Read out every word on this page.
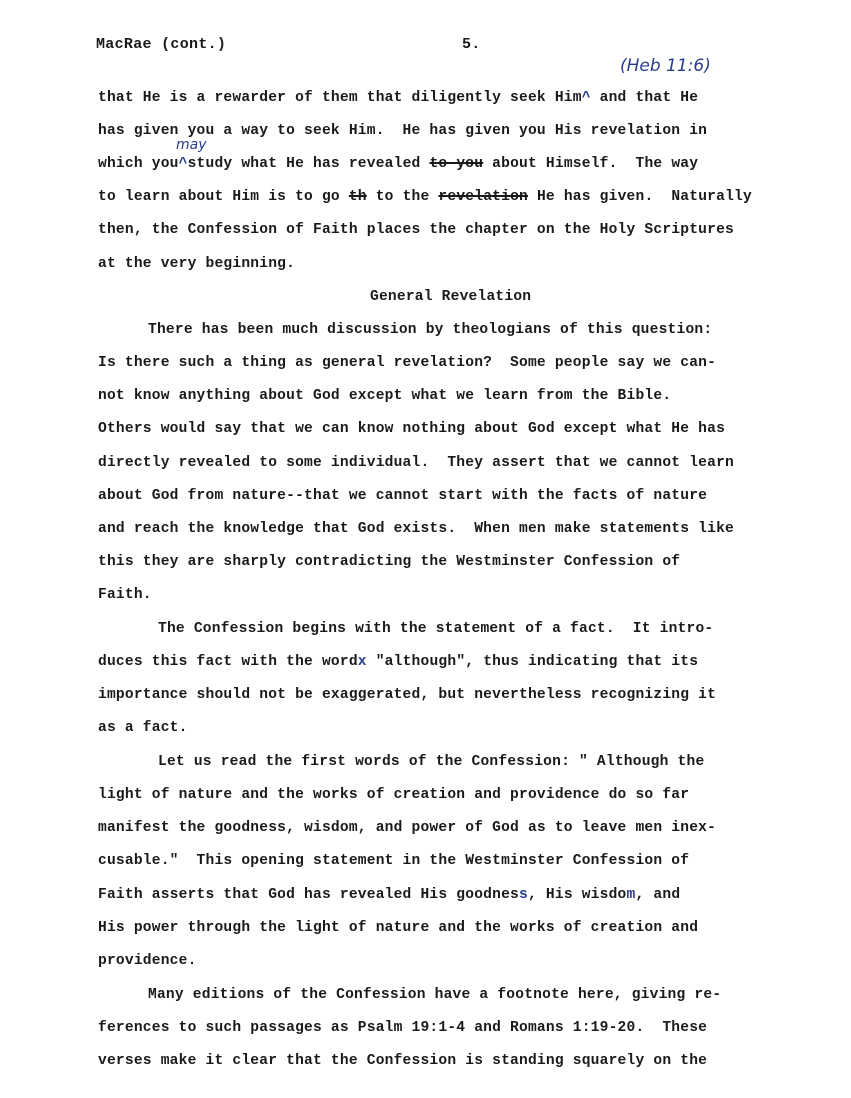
MacRae (cont.)	5.
(Heb 11:6)
that He is a rewarder of them that diligently seek Him^ and that He
has given you a way to seek Him.  He has given you His revelation in
may
which you^study what He has revealed to you about Himself.  The way
to learn about Him is to go th to the revelation He has given.  Naturally
then, the Confession of Faith places the chapter on the Holy Scriptures
at the very beginning.
General Revelation
There has been much discussion by theologians of this question:
Is there such a thing as general revelation?  Some people say we can-
not know anything about God except what we learn from the Bible.
Others would say that we can know nothing about God except what He has
directly revealed to some individual.  They assert that we cannot learn
about God from nature--that we cannot start with the facts of nature
and reach the knowledge that God exists.  When men make statements like
this they are sharply contradicting the Westminster Confession of
Faith.
The Confession begins with the statement of a fact.  It intro-
duces this fact with the wordx "although", thus indicating that its
importance should not be exaggerated, but nevertheless recognizing it
as a fact.
Let us read the first words of the Confession: " Although the
light of nature and the works of creation and providence do so far
manifest the goodness, wisdom, and power of God as to leave men inex-
cusable."  This opening statement in the Westminster Confession of
Faith asserts that God has revealed His goodness, His wisdom, and
His power through the light of nature and the works of creation and
providence.
Many editions of the Confession have a footnote here, giving re-
ferences to such passages as Psalm 19:1-4 and Romans 1:19-20.  These
verses make it clear that the Confession is standing squarely on the
